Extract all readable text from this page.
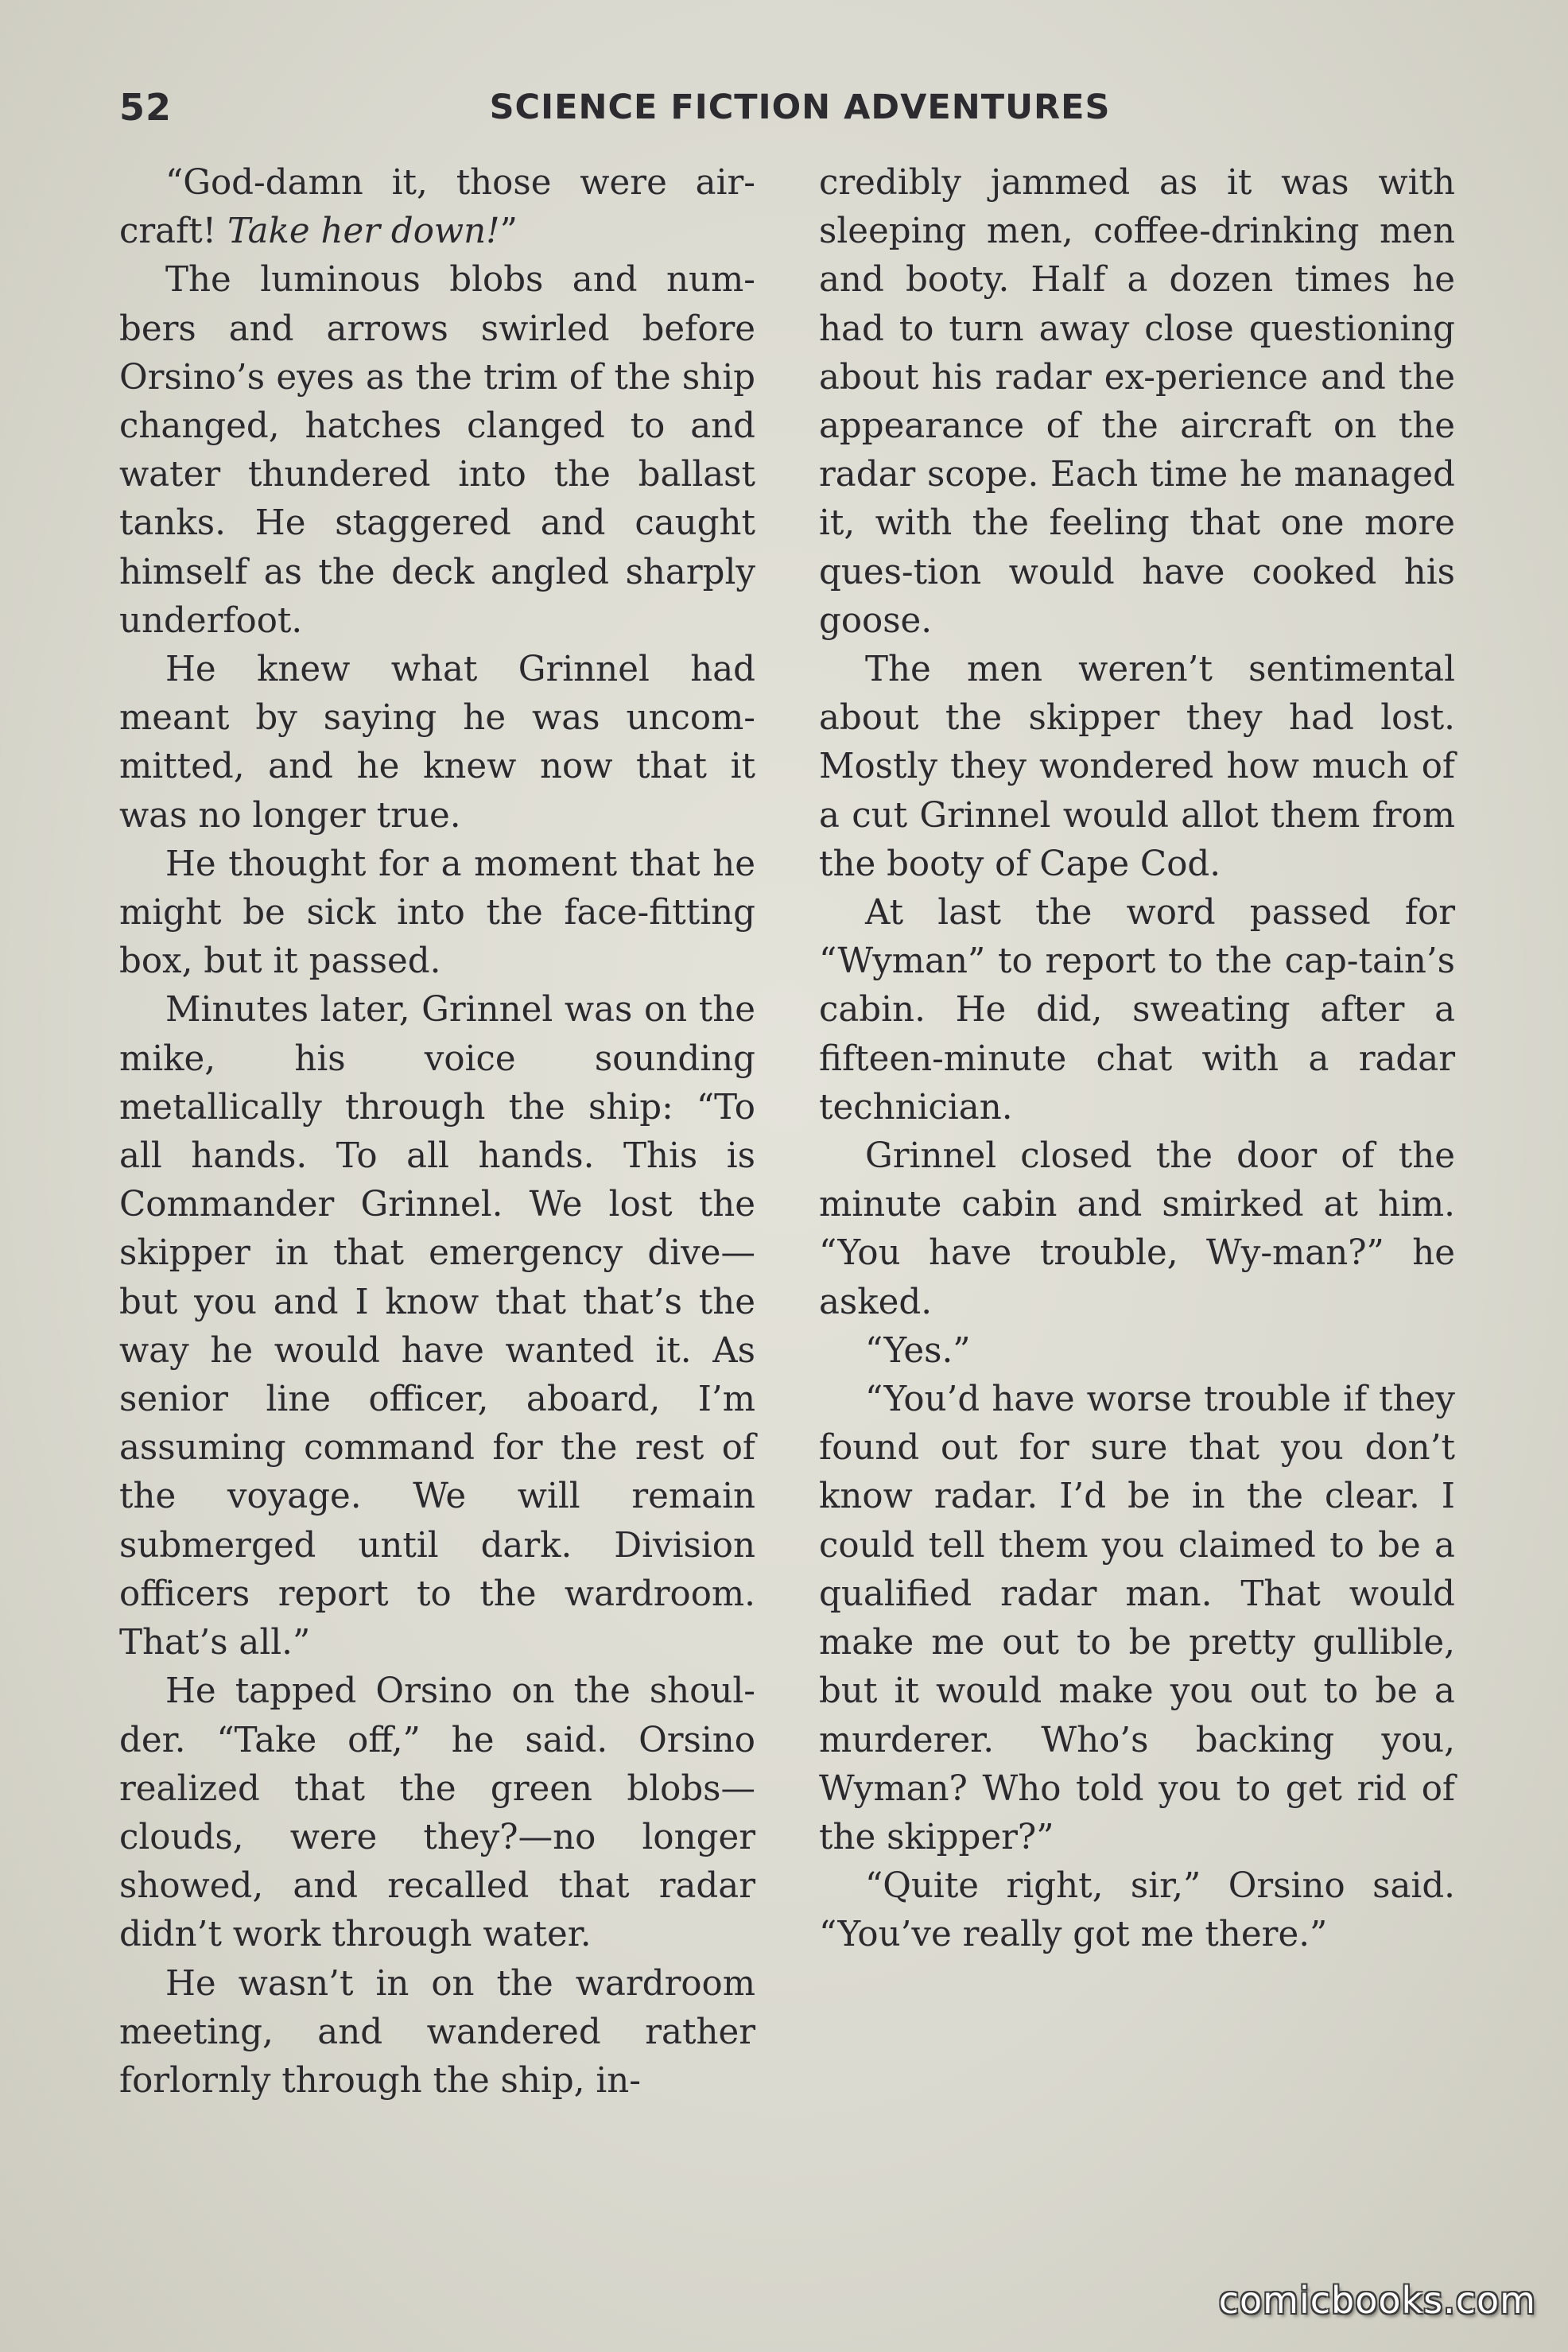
52	SCIENCE FICTION ADVENTURES

“God-damn it, those were air-craft! Take her down!”

The luminous blobs and num-bers and arrows swirled before Orsino’s eyes as the trim of the ship changed, hatches clanged to and water thundered into the ballast tanks. He staggered and caught himself as the deck angled sharply underfoot.

He knew what Grinnel had meant by saying he was uncom-mitted, and he knew now that it was no longer true.

He thought for a moment that he might be sick into the face-fitting box, but it passed.

Minutes later, Grinnel was on the mike, his voice sounding metallically through the ship: “To all hands. To all hands. This is Commander Grinnel. We lost the skipper in that emergency dive—but you and I know that that’s the way he would have wanted it. As senior line officer, aboard, I’m assuming command for the rest of the voyage. We will remain submerged until dark. Division officers report to the wardroom. That’s all.”

He tapped Orsino on the shoul-der. “Take off,” he said. Orsino realized that the green blobs—clouds, were they?—no longer showed, and recalled that radar didn’t work through water.

He wasn’t in on the wardroom meeting, and wandered rather forlornly through the ship, in-

credibly jammed as it was with sleeping men, coffee-drinking men and booty. Half a dozen times he had to turn away close questioning about his radar ex-perience and the appearance of the aircraft on the radar scope. Each time he managed it, with the feeling that one more ques-tion would have cooked his goose.

The men weren’t sentimental about the skipper they had lost. Mostly they wondered how much of a cut Grinnel would allot them from the booty of Cape Cod.

At last the word passed for “Wyman” to report to the cap-tain’s cabin. He did, sweating after a fifteen-minute chat with a radar technician.

Grinnel closed the door of the minute cabin and smirked at him. “You have trouble, Wy-man?” he asked.

“Yes.”

“You’d have worse trouble if they found out for sure that you don’t know radar. I’d be in the clear. I could tell them you claimed to be a qualified radar man. That would make me out to be pretty gullible, but it would make you out to be a murderer. Who’s backing you, Wyman? Who told you to get rid of the skipper?”

“Quite right, sir,” Orsino said. “You’ve really got me there.”

comicbooks.com
